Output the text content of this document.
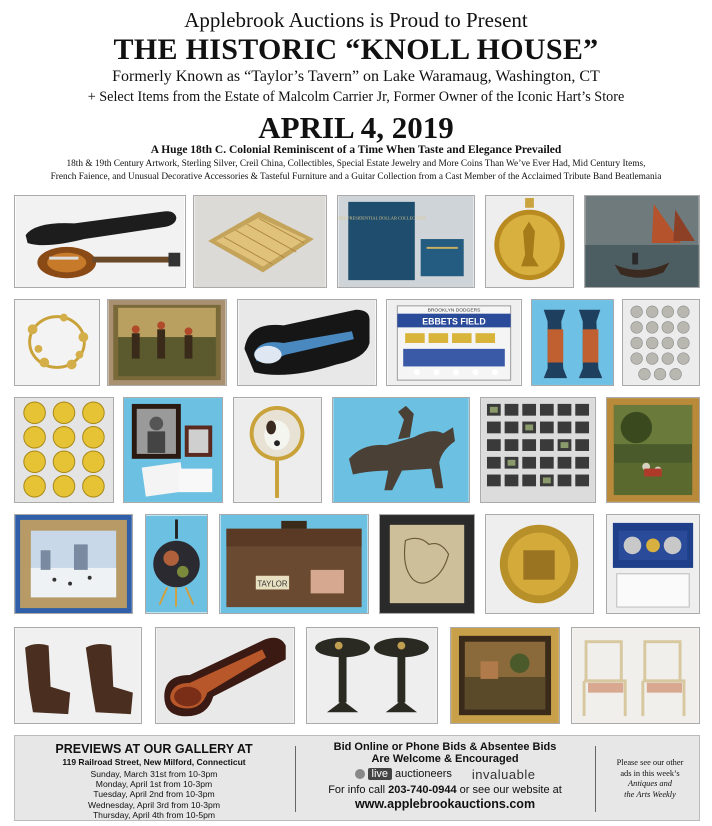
Applebrook Auctions is Proud to Present
THE HISTORIC “KNOLL HOUSE”
Formerly Known as “Taylor’s Tavern” on Lake Waramaug, Washington, CT
+ Select Items from the Estate of Malcolm Carrier Jr, Former Owner of the Iconic Hart’s Store
APRIL 4, 2019
A Huge 18th C. Colonial Reminiscent of a Time When Taste and Elegance Prevailed
18th & 19th Century Artwork, Sterling Silver, Creil China, Collectibles, Special Estate Jewelry and More Coins Than We’ve Ever Had, Mid Century Items,
French Faience, and Unusual Decorative Accessories & Tasteful Furniture and a Guitar Collection from a Cast Member of the Acclaimed Tribute Band Beatlemania
THE PRESIDENTIAL DOLLAR COLLECTION
BROOKLYN DODGERS
EBBETS FIELD
TAYLOR
PREVIEWS AT OUR GALLERY AT
119 Railroad Street, New Milford, Connecticut
Sunday, March 31st from 10-3pm
Monday, April 1st from 10-3pm
Tuesday, April 2nd from 10-3pm
Wednesday, April 3rd from 10-3pm
Thursday, April 4th from 10-5pm
Bid Online or Phone Bids & Absentee Bids
Are Welcome & Encouraged
live auctioneers invaluable
For info call 203-740-0944 or see our website at
www.applebrookauctions.com
Please see our other
ads in this week’s
Antiques and
the Arts Weekly
